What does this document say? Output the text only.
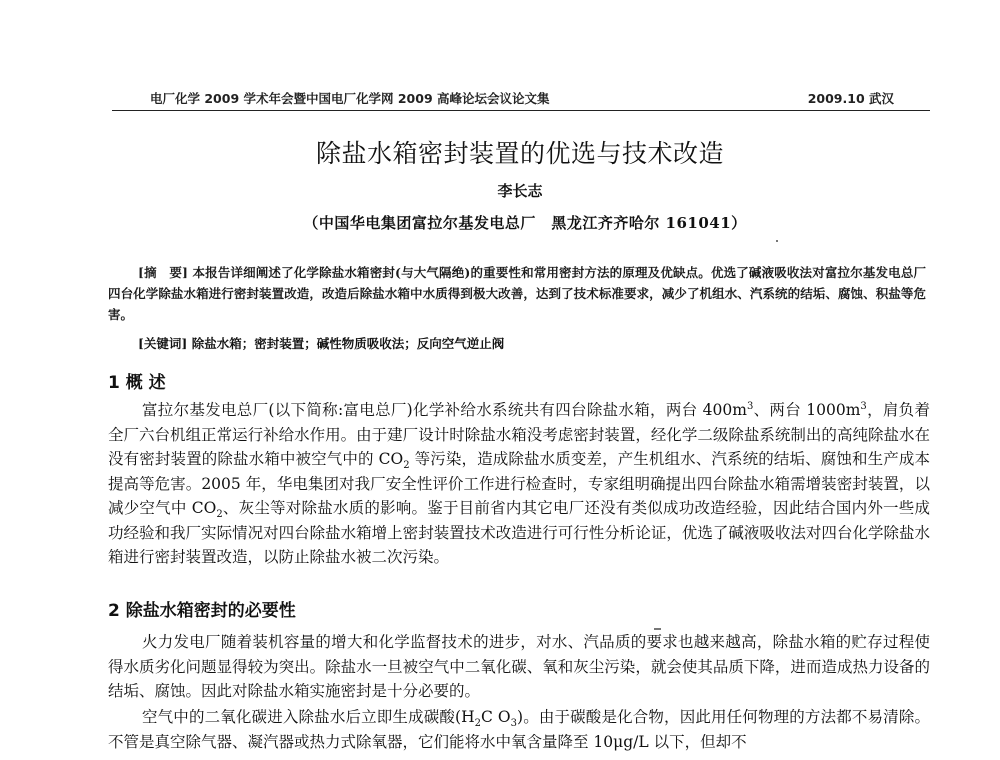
电厂化学 2009 学术年会暨中国电厂化学网 2009 高峰论坛会议论文集	2009.10 武汉
除盐水箱密封装置的优选与技术改造
李长志
（中国华电集团富拉尔基发电总厂　黑龙江齐齐哈尔 161041）
[摘　要] 本报告详细阐述了化学除盐水箱密封(与大气隔绝)的重要性和常用密封方法的原理及优缺点。优选了碱液吸收法对富拉尔基发电总厂四台化学除盐水箱进行密封装置改造，改造后除盐水箱中水质得到极大改善，达到了技术标准要求，减少了机组水、汽系统的结垢、腐蚀、积盐等危害。
[关键词] 除盐水箱；密封装置；碱性物质吸收法；反向空气逆止阀
1 概 述
富拉尔基发电总厂(以下简称:富电总厂)化学补给水系统共有四台除盐水箱，两台 $400m^3$、两台 $1000m^3$，肩负着全厂六台机组正常运行补给水作用。由于建厂设计时除盐水箱没考虑密封装置，经化学二级除盐系统制出的高纯除盐水在没有密封装置的除盐水箱中被空气中的 $CO_2$ 等污染，造成除盐水质变差，产生机组水、汽系统的结垢、腐蚀和生产成本提高等危害。2005 年，华电集团对我厂安全性评价工作进行检查时，专家组明确提出四台除盐水箱需增装密封装置，以减少空气中 $CO_2$、灰尘等对除盐水质的影响。鉴于目前省内其它电厂还没有类似成功改造经验，因此结合国内外一些成功经验和我厂实际情况对四台除盐水箱增上密封装置技术改造进行可行性分析论证，优选了碱液吸收法对四台化学除盐水箱进行密封装置改造，以防止除盐水被二次污染。
2 除盐水箱密封的必要性
火力发电厂随着装机容量的增大和化学监督技术的进步，对水、汽品质的要求也越来越高，除盐水箱的贮存过程使得水质劣化问题显得较为突出。除盐水一旦被空气中二氧化碳、氧和灰尘污染，就会使其品质下降，进而造成热力设备的结垢、腐蚀。因此对除盐水箱实施密封是十分必要的。
空气中的二氧化碳进入除盐水后立即生成碳酸($H_2C$ $O_3$)。由于碳酸是化合物，因此用任何物理的方法都不易清除。不管是真空除气器、凝汽器或热力式除氧器，它们能将水中氧含量降至 10μg/L 以下，但却不
